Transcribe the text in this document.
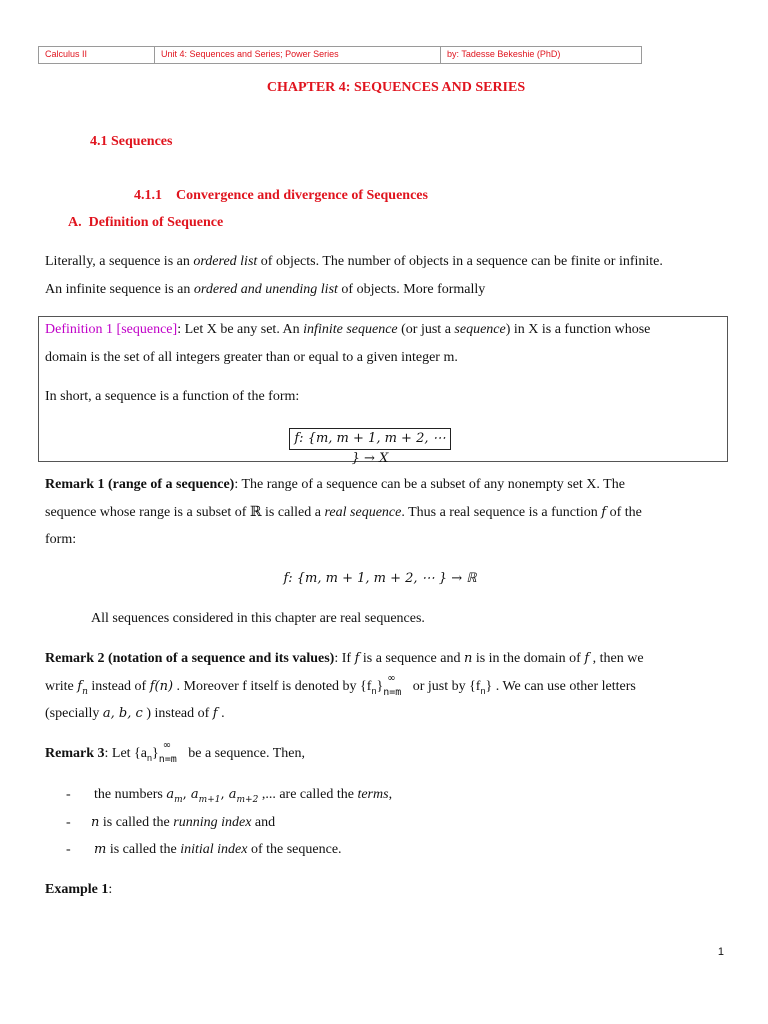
Calculus II	Unit 4: Sequences and Series; Power Series	by: Tadesse Bekeshie (PhD)
CHAPTER 4: SEQUENCES AND SERIES
4.1 Sequences
4.1.1 Convergence and divergence of Sequences
A. Definition of Sequence
Literally, a sequence is an ordered list of objects. The number of objects in a sequence can be finite or infinite.
An infinite sequence is an ordered and unending list of objects. More formally
Definition 1 [sequence]: Let X be any set. An infinite sequence (or just a sequence) in X is a function whose
domain is the set of all integers greater than or equal to a given integer m.
In short, a sequence is a function of the form:
f: {m, m + 1, m + 2, ⋯ } → X
Remark 1 (range of a sequence): The range of a sequence can be a subset of any nonempty set X. The
sequence whose range is a subset of ℝ is called a real sequence. Thus a real sequence is a function f of the
form:
f: {m, m + 1, m + 2, ⋯ } → ℝ
All sequences considered in this chapter are real sequences.
Remark 2 (notation of a sequence and its values): If f is a sequence and n is in the domain of f , then we
write $f_n$ instead of f(n) . Moreover f itself is denoted by $\{f_n\}$
∞
n=m or just by $\{f_n\}$ . We can use other letters
(specially a, b, c ) instead of f .
Remark 3: Let $\{a_n\}$
∞
n=m be a sequence. Then,
- the numbers $a_m$, $a_{m+1}$, $a_{m+2}$ ,... are called the terms,
- n is called the running index and
- m is called the initial index of the sequence.
Example 1:
1
